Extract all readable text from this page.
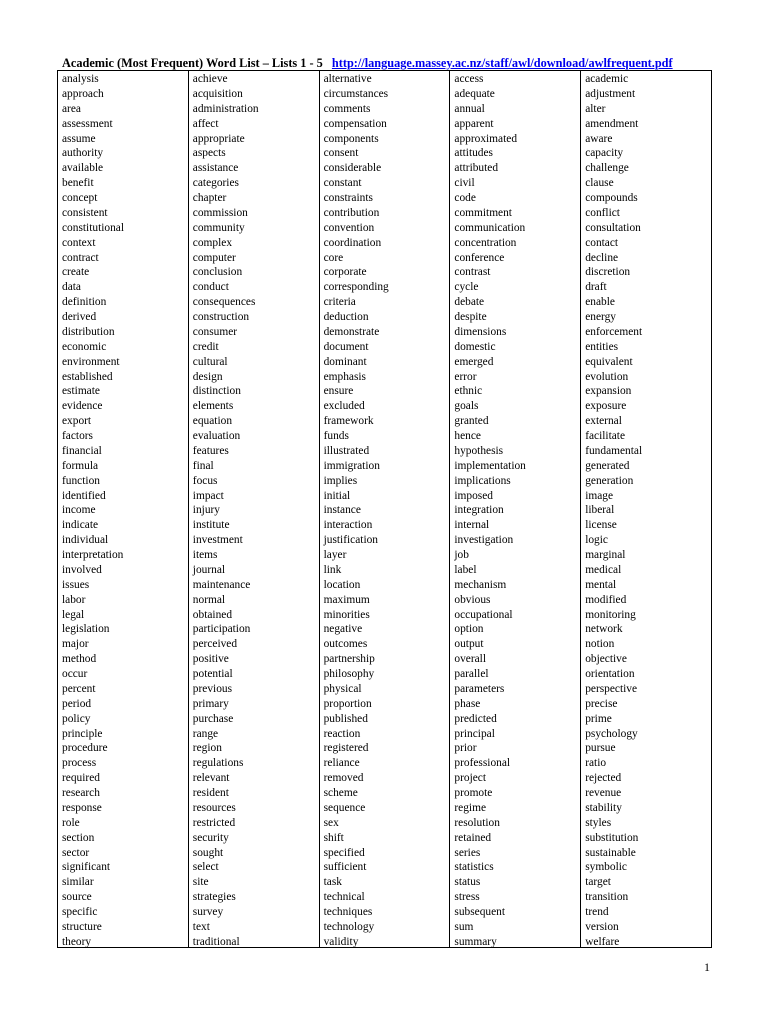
Academic (Most Frequent) Word List – Lists 1 - 5 http://language.massey.ac.nz/staff/awl/download/awlfrequent.pdf
analysis
approach
area
assessment
assume
authority
available
benefit
concept
consistent
constitutional
context
contract
create
data
definition
derived
distribution
economic
environment
established
estimate
evidence
export
factors
financial
formula
function
identified
income
indicate
individual
interpretation
involved
issues
labor
legal
legislation
major
method
occur
percent
period
policy
principle
procedure
process
required
research
response
role
section
sector
significant
similar
source
specific
structure
theory
achieve
acquisition
administration
affect
appropriate
aspects
assistance
categories
chapter
commission
community
complex
computer
conclusion
conduct
consequences
construction
consumer
credit
cultural
design
distinction
elements
equation
evaluation
features
final
focus
impact
injury
institute
investment
items
journal
maintenance
normal
obtained
participation
perceived
positive
potential
previous
primary
purchase
range
region
regulations
relevant
resident
resources
restricted
security
sought
select
site
strategies
survey
text
traditional
alternative
circumstances
comments
compensation
components
consent
considerable
constant
constraints
contribution
convention
coordination
core
corporate
corresponding
criteria
deduction
demonstrate
document
dominant
emphasis
ensure
excluded
framework
funds
illustrated
immigration
implies
initial
instance
interaction
justification
layer
link
location
maximum
minorities
negative
outcomes
partnership
philosophy
physical
proportion
published
reaction
registered
reliance
removed
scheme
sequence
sex
shift
specified
sufficient
task
technical
techniques
technology
validity
access
adequate
annual
apparent
approximated
attitudes
attributed
civil
code
commitment
communication
concentration
conference
contrast
cycle
debate
despite
dimensions
domestic
emerged
error
ethnic
goals
granted
hence
hypothesis
implementation
implications
imposed
integration
internal
investigation
job
label
mechanism
obvious
occupational
option
output
overall
parallel
parameters
phase
predicted
principal
prior
professional
project
promote
regime
resolution
retained
series
statistics
status
stress
subsequent
sum
summary
academic
adjustment
alter
amendment
aware
capacity
challenge
clause
compounds
conflict
consultation
contact
decline
discretion
draft
enable
energy
enforcement
entities
equivalent
evolution
expansion
exposure
external
facilitate
fundamental
generated
generation
image
liberal
license
logic
marginal
medical
mental
modified
monitoring
network
notion
objective
orientation
perspective
precise
prime
psychology
pursue
ratio
rejected
revenue
stability
styles
substitution
sustainable
symbolic
target
transition
trend
version
welfare
1
